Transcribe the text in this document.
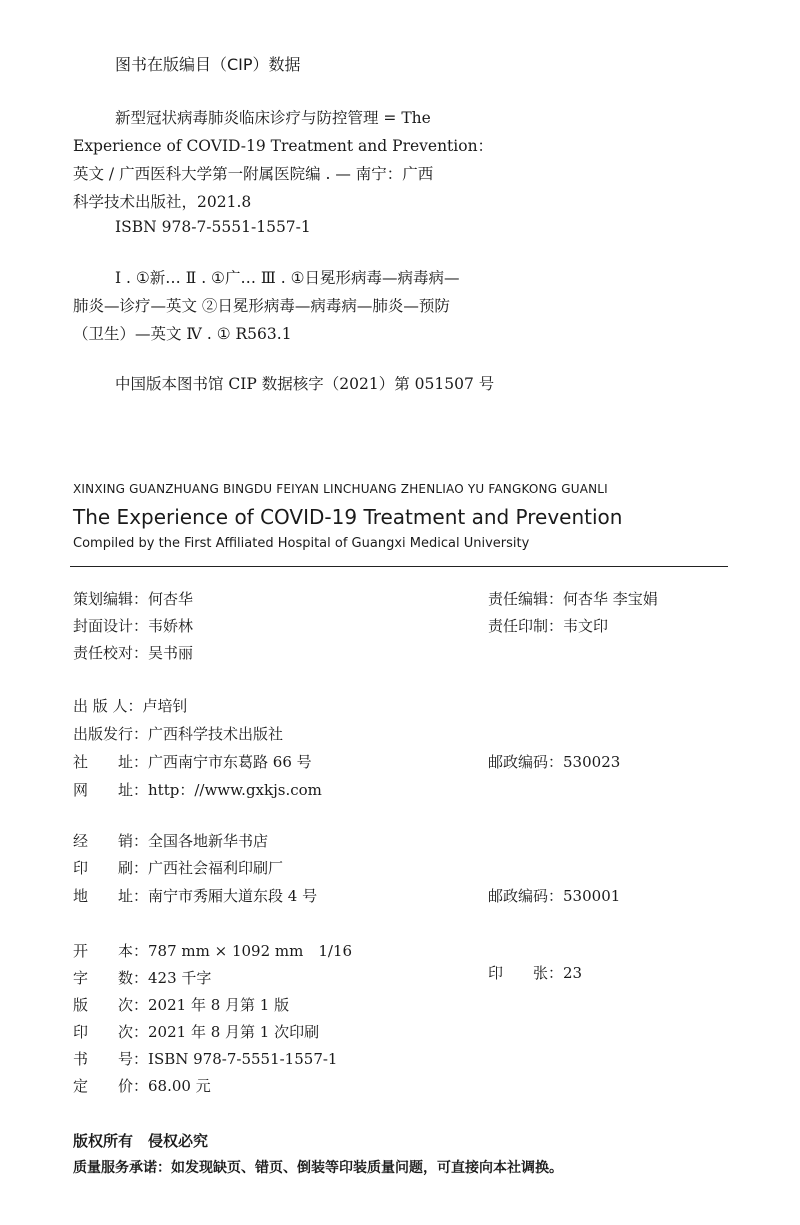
图书在版编目（CIP）数据
新型冠状病毒肺炎临床诊疗与防控管理 = The
Experience of COVID-19 Treatment and Prevention：
英文 / 广西医科大学第一附属医院编 . — 南宁：广西
科学技术出版社，2021.8
ISBN 978-7-5551-1557-1
Ⅰ . ①新… Ⅱ . ①广… Ⅲ . ①日冕形病毒—病毒病—
肺炎—诊疗—英文 ②日冕形病毒—病毒病—肺炎—预防
（卫生）—英文 Ⅳ . ① R563.1
中国版本图书馆 CIP 数据核字（2021）第 051507 号
XINXING GUANZHUANG BINGDU FEIYAN LINCHUANG ZHENLIAO YU FANGKONG GUANLI
The Experience of COVID-19 Treatment and Prevention
Compiled by the First Affiliated Hospital of Guangxi Medical University
策划编辑：何杏华
封面设计：韦娇林
责任校对：吴书丽
责任编辑：何杏华 李宝娟
责任印制：韦文印
出 版 人：卢培钊
出版发行：广西科学技术出版社
社　　址：广西南宁市东葛路 66 号	邮政编码：530023
网　　址：http：//www.gxkjs.com
经　　销：全国各地新华书店
印　　刷：广西社会福利印刷厂
地　　址：南宁市秀厢大道东段 4 号	邮政编码：530001
开　　本：787 mm × 1092 mm　1/16
字　　数：423 千字	印　　张：23
版　　次：2021 年 8 月第 1 版
印　　次：2021 年 8 月第 1 次印刷
书　　号：ISBN 978-7-5551-1557-1
定　　价：68.00 元
版权所有　侵权必究
质量服务承诺：如发现缺页、错页、倒装等印装质量问题，可直接向本社调换。
